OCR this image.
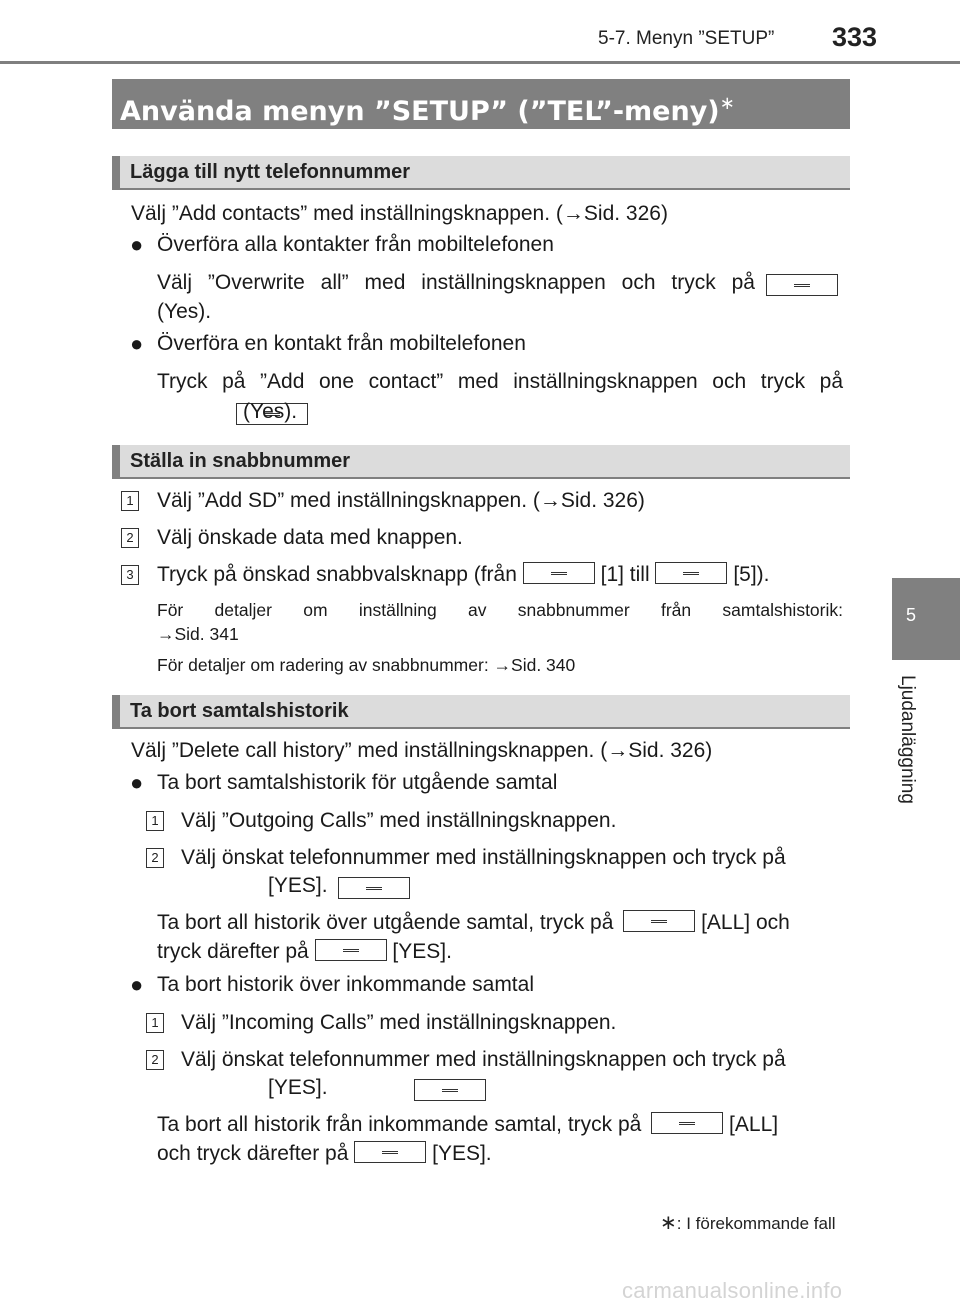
5-7. Menyn ”SETUP” 333
5
Ljudanläggning
Använda menyn ”SETUP” (”TEL”-meny)∗
Lägga till nytt telefonnummer
Välj ”Add contacts” med inställningsknappen. (→Sid. 326)
● Överföra alla kontakter från mobiltelefonen
Välj ”Overwrite all” med inställningsknappen och tryck på

(Yes).
● Överföra en kontakt från mobiltelefonen
Tryck på ”Add one contact” med inställningsknappen och tryck på

(Yes).
Ställa in snabbnummer
1 Välj ”Add SD” med inställningsknappen. (→Sid. 326)
2 Välj önskade data med knappen.
3 Tryck på önskad snabbvalsknapp (från	[1] till	[5]).
För detaljer om inställning av snabbnummer från samtalshistorik:
→Sid. 341
För detaljer om radering av snabbnummer: →Sid. 340
Ta bort samtalshistorik
Välj ”Delete call history” med inställningsknappen. (→Sid. 326)
● Ta bort samtalshistorik för utgående samtal
1 Välj ”Outgoing Calls” med inställningsknappen.
2 Välj önskat telefonnummer med inställningsknappen och tryck på

[YES].
Ta bort all historik över utgående samtal, tryck på	[ALL] och
tryck därefter på	[YES].
● Ta bort historik över inkommande samtal
1 Välj ”Incoming Calls” med inställningsknappen.
2 Välj önskat telefonnummer med inställningsknappen och tryck på
[YES].
Ta bort all historik från inkommande samtal, tryck på	[ALL]
och tryck därefter på	[YES].
∗: I förekommande fall
carmanualsonline.info
